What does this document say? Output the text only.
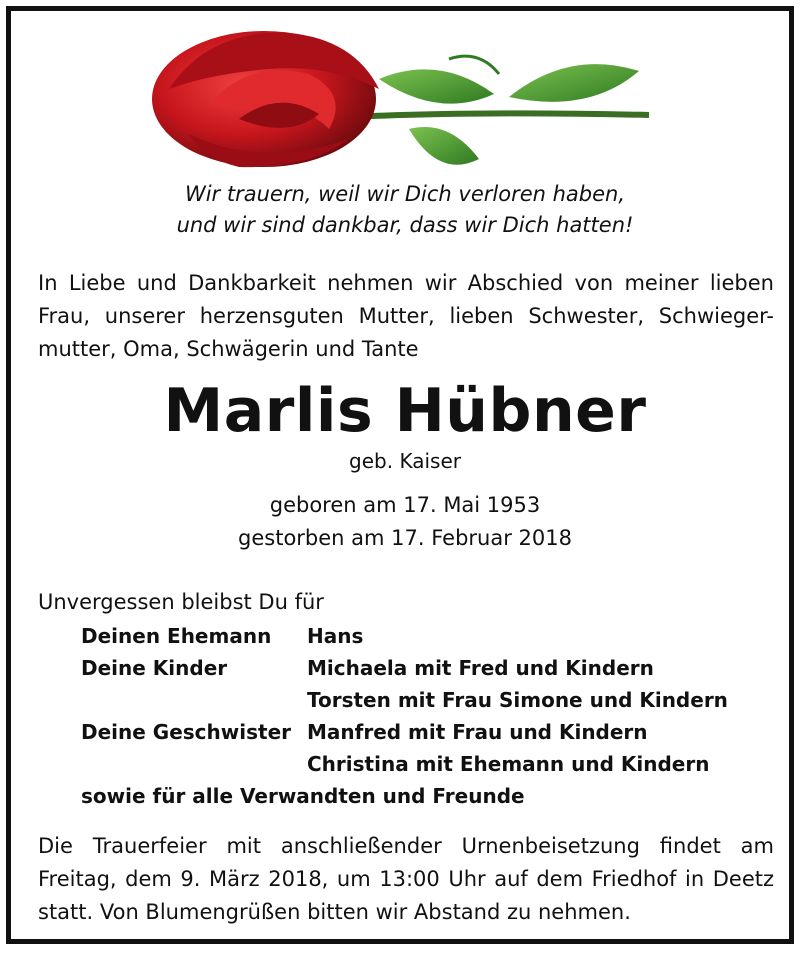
Wir trauern, weil wir Dich verloren haben,
und wir sind dankbar, dass wir Dich hatten!
In Liebe und Dankbarkeit nehmen wir Abschied von meiner lieben Frau, unserer herzensguten Mutter, lieben Schwester, Schwieger-mutter, Oma, Schwägerin und Tante
Marlis Hübner
geb. Kaiser
geboren am 17. Mai 1953
gestorben am 17. Februar 2018
Unvergessen bleibst Du für
Deinen Ehemann	Hans
Deine Kinder	Michaela mit Fred und Kindern
Torsten mit Frau Simone und Kindern
Deine Geschwister Manfred mit Frau und Kindern
Christina mit Ehemann und Kindern
sowie für alle Verwandten und Freunde
Die Trauerfeier mit anschließender Urnenbeisetzung findet am Freitag, dem 9. März 2018, um 13:00 Uhr auf dem Friedhof in Deetz statt. Von Blumengrüßen bitten wir Abstand zu nehmen.
